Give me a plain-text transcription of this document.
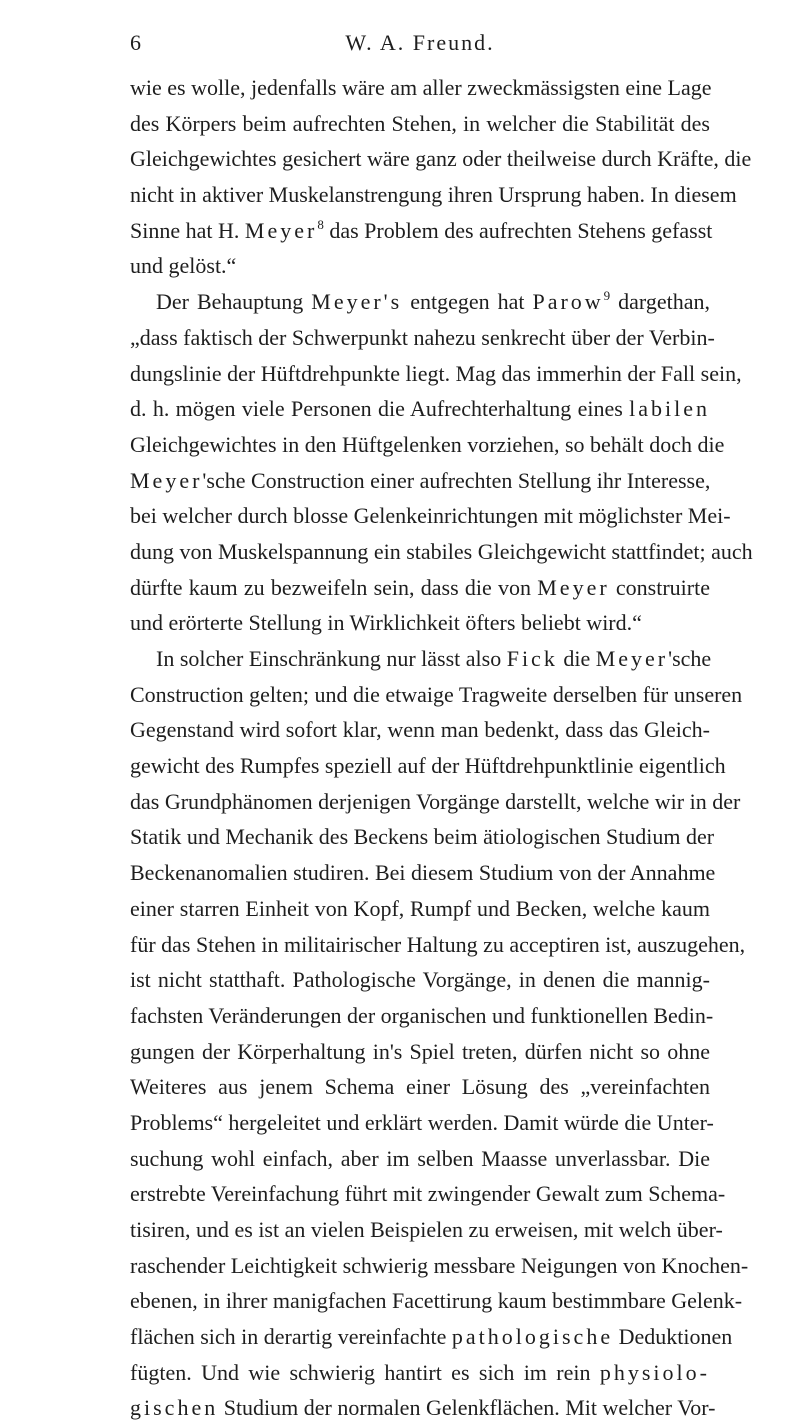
6	W. A. Freund.
wie es wolle, jedenfalls wäre am aller zweckmässigsten eine Lage
des Körpers beim aufrechten Stehen, in welcher die Stabilität des
Gleichgewichtes gesichert wäre ganz oder theilweise durch Kräfte, die
nicht in aktiver Muskelanstrengung ihren Ursprung haben. In diesem
Sinne hat H. Meyer$^8$ das Problem des aufrechten Stehens gefasst
und gelöst.“
Der Behauptung Meyer's entgegen hat Parow$^9$ dargethan,
„dass faktisch der Schwerpunkt nahezu senkrecht über der Verbin-
dungslinie der Hüftdrehpunkte liegt. Mag das immerhin der Fall sein,
d. h. mögen viele Personen die Aufrechterhaltung eines labilen
Gleichgewichtes in den Hüftgelenken vorziehen, so behält doch die
Meyer'sche Construction einer aufrechten Stellung ihr Interesse,
bei welcher durch blosse Gelenkeinrichtungen mit möglichster Mei-
dung von Muskelspannung ein stabiles Gleichgewicht stattfindet; auch
dürfte kaum zu bezweifeln sein, dass die von Meyer construirte
und erörterte Stellung in Wirklichkeit öfters beliebt wird.“
In solcher Einschränkung nur lässt also Fick die Meyer'sche
Construction gelten; und die etwaige Tragweite derselben für unseren
Gegenstand wird sofort klar, wenn man bedenkt, dass das Gleich-
gewicht des Rumpfes speziell auf der Hüftdrehpunktlinie eigentlich
das Grundphänomen derjenigen Vorgänge darstellt, welche wir in der
Statik und Mechanik des Beckens beim ätiologischen Studium der
Beckenanomalien studiren. Bei diesem Studium von der Annahme
einer starren Einheit von Kopf, Rumpf und Becken, welche kaum
für das Stehen in militairischer Haltung zu acceptiren ist, auszugehen,
ist nicht statthaft. Pathologische Vorgänge, in denen die mannig-
fachsten Veränderungen der organischen und funktionellen Bedin-
gungen der Körperhaltung in's Spiel treten, dürfen nicht so ohne
Weiteres aus jenem Schema einer Lösung des „vereinfachten
Problems“ hergeleitet und erklärt werden. Damit würde die Unter-
suchung wohl einfach, aber im selben Maasse unverlassbar. Die
erstrebte Vereinfachung führt mit zwingender Gewalt zum Schema-
tisiren, und es ist an vielen Beispielen zu erweisen, mit welch über-
raschender Leichtigkeit schwierig messbare Neigungen von Knochen-
ebenen, in ihrer manigfachen Facettirung kaum bestimmbare Gelenk-
flächen sich in derartig vereinfachte pathologische Deduktionen
fügten. Und wie schwierig hantirt es sich im rein physiolo-
gischen Studium der normalen Gelenkflächen. Mit welcher Vor-
